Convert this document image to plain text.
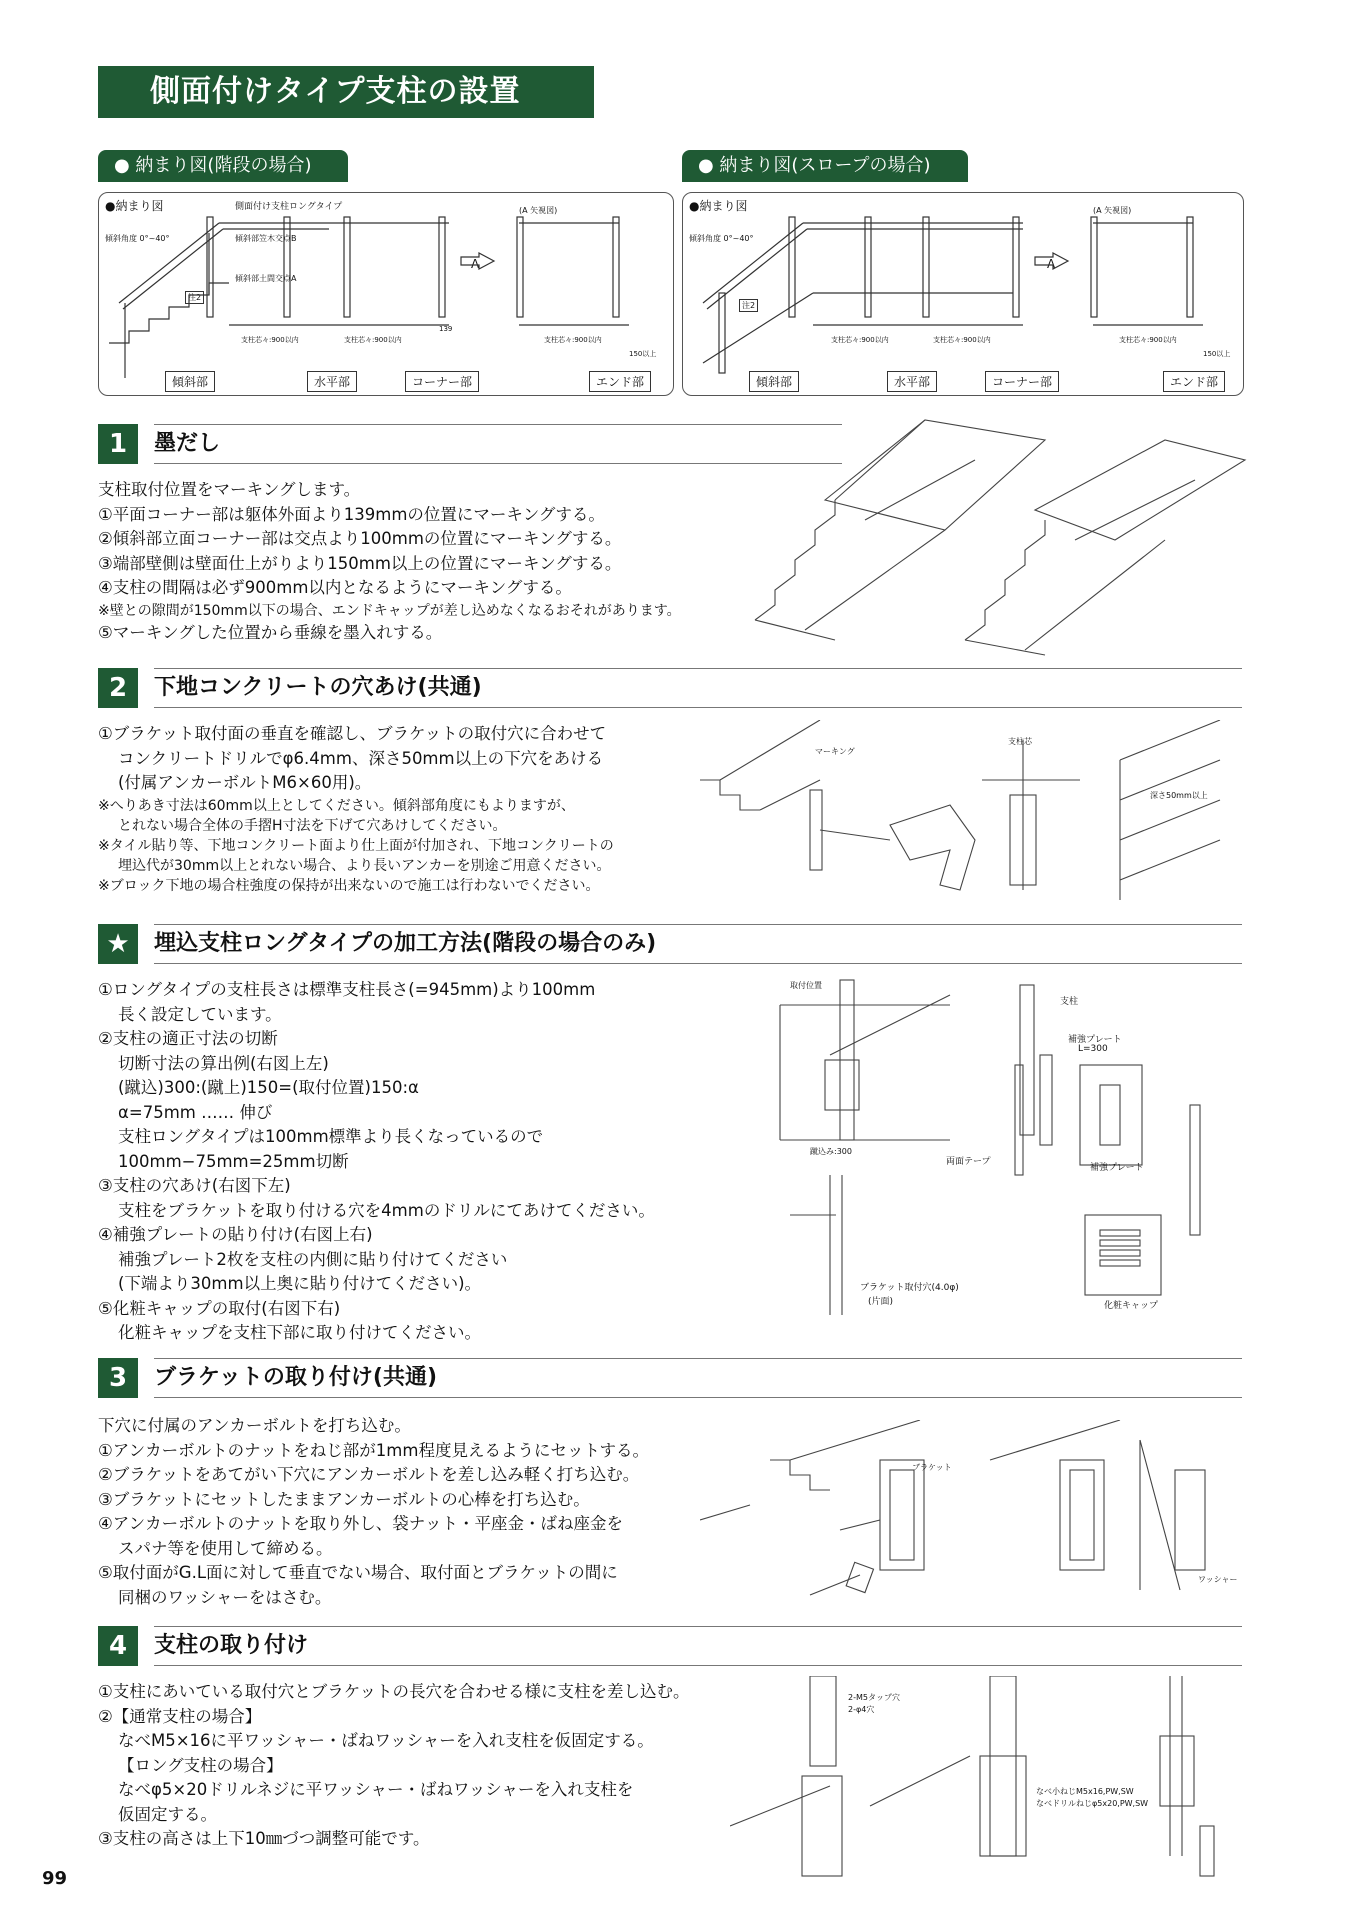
側面付けタイプ支柱の設置
● 納まり図(階段の場合)	● 納まり図(スロープの場合)
●納まり図	側面付け支柱ロングタイプ
傾斜角度 0°~40°	傾斜部笠木交点B
傾斜部土間交点A
(A 矢視図)
A
支柱芯々:900以内	支柱芯々:900以内	支柱芯々:900以内
150以上
139
注2
傾斜部	水平部	コーナー部	エンド部
●納まり図
傾斜角度 0°~40°
(A 矢視図)
A
支柱芯々:900以内	支柱芯々:900以内	支柱芯々:900以内
150以上
注2
傾斜部	水平部	コーナー部	エンド部
1	墨だし
支柱取付位置をマーキングします。
①平面コーナー部は躯体外面より139mmの位置にマーキングする。
②傾斜部立面コーナー部は交点より100mmの位置にマーキングする。
③端部壁側は壁面仕上がりより150mm以上の位置にマーキングする。
④支柱の間隔は必ず900mm以内となるようにマーキングする。
※壁との隙間が150mm以下の場合、エンドキャップが差し込めなくなるおそれがあります。
⑤マーキングした位置から垂線を墨入れする。
2	下地コンクリートの穴あけ(共通)
①ブラケット取付面の垂直を確認し、ブラケットの取付穴に合わせて
コンクリートドリルでφ6.4mm、深さ50mm以上の下穴をあける
(付属アンカーボルトM6×60用)。
※へりあき寸法は60mm以上としてください。傾斜部角度にもよりますが、
とれない場合全体の手摺H寸法を下げて穴あけしてください。
※タイル貼り等、下地コンクリート面より仕上面が付加され、下地コンクリートの
埋込代が30mm以上とれない場合、より長いアンカーを別途ご用意ください。
※ブロック下地の場合柱強度の保持が出来ないので施工は行わないでください。
マーキング
支柱芯
深さ50mm以上
★	埋込支柱ロングタイプの加工方法(階段の場合のみ)
①ロングタイプの支柱長さは標準支柱長さ(=945mm)より100mm
長く設定しています。
②支柱の適正寸法の切断
切断寸法の算出例(右図上左)
(蹴込)300:(蹴上)150=(取付位置)150:α
α=75mm …… 伸び
支柱ロングタイプは100mm標準より長くなっているので
100mm−75mm=25mm切断
③支柱の穴あけ(右図下左)
支柱をブラケットを取り付ける穴を4mmのドリルにてあけてください。
④補強プレートの貼り付け(右図上右)
補強プレート2枚を支柱の内側に貼り付けてください
(下端より30mm以上奥に貼り付けてください)。
⑤化粧キャップの取付(右図下右)
化粧キャップを支柱下部に取り付けてください。
取付位置
蹴込み:300
支柱
補強プレート
L=300
両面テープ
補強プレート
ブラケット取付穴(4.0φ)
(片面)	化粧キャップ
3	ブラケットの取り付け(共通)
下穴に付属のアンカーボルトを打ち込む。
①アンカーボルトのナットをねじ部が1mm程度見えるようにセットする。
②ブラケットをあてがい下穴にアンカーボルトを差し込み軽く打ち込む。
③ブラケットにセットしたままアンカーボルトの心棒を打ち込む。
④アンカーボルトのナットを取り外し、袋ナット・平座金・ばね座金を
スパナ等を使用して締める。
⑤取付面がG.L面に対して垂直でない場合、取付面とブラケットの間に
同梱のワッシャーをはさむ。
ブラケット
ワッシャー
4	支柱の取り付け
①支柱にあいている取付穴とブラケットの長穴を合わせる様に支柱を差し込む。
②【通常支柱の場合】
なべM5×16に平ワッシャー・ばねワッシャーを入れ支柱を仮固定する。
【ロング支柱の場合】
なべφ5×20ドリルネジに平ワッシャー・ばねワッシャーを入れ支柱を
仮固定する。
③支柱の高さは上下10㎜づつ調整可能です。
2-M5タップ穴
2-φ4穴
なべ小ねじM5x16,PW,SW
なべドリルねじφ5x20,PW,SW
99
